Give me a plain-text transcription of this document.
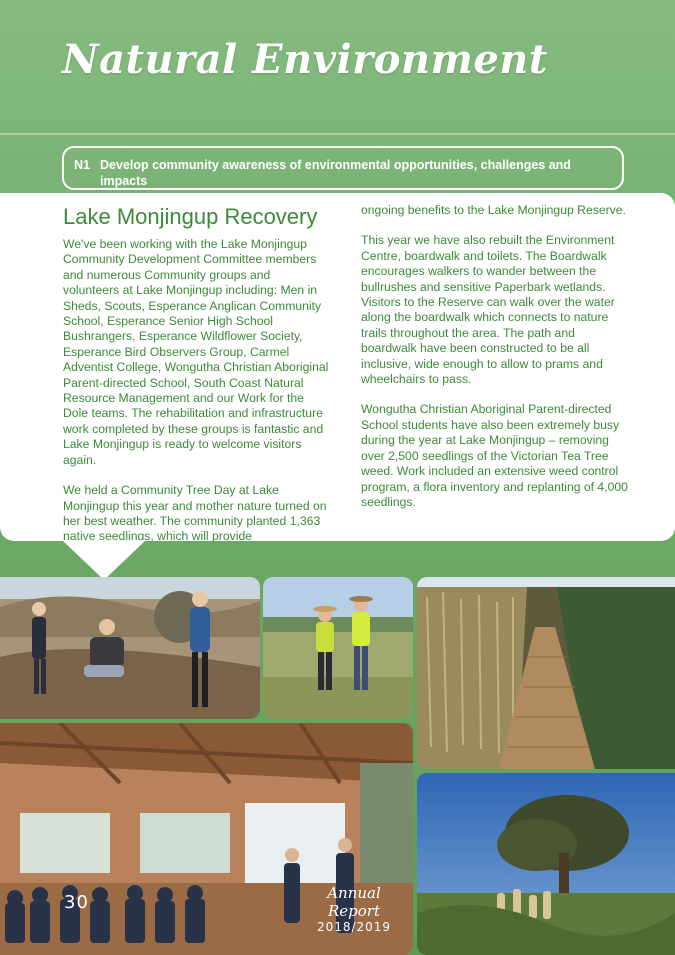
Natural Environment
N1 Develop community awareness of environmental opportunities, challenges and impacts
Lake Monjingup Recovery

We've been working with the Lake Monjingup Community Development Committee members and numerous Community groups and volunteers at Lake Monjingup including: Men in Sheds, Scouts, Esperance Anglican Community School, Esperance Senior High School Bushrangers, Esperance Wildflower Society, Esperance Bird Observers Group, Carmel Adventist College, Wongutha Christian Aboriginal Parent-directed School, South Coast Natural Resource Management and our Work for the Dole teams. The rehabilitation and infrastructure work completed by these groups is fantastic and Lake Monjingup is ready to welcome visitors again.

We held a Community Tree Day at Lake Monjingup this year and mother nature turned on her best weather. The community planted 1,363 native seedlings, which will provide

ongoing benefits to the Lake Monjingup Reserve.

This year we have also rebuilt the Environment Centre, boardwalk and toilets. The Boardwalk encourages walkers to wander between the bullrushes and sensitive Paperbark wetlands. Visitors to the Reserve can walk over the water along the boardwalk which connects to nature trails throughout the area. The path and boardwalk have been constructed to be all inclusive, wide enough to allow to prams and wheelchairs to pass.

Wongutha Christian Aboriginal Parent-directed School students have also been extremely busy during the year at Lake Monjingup – removing over 2,500 seedlings of the Victorian Tea Tree weed. Work included an extensive weed control program, a flora inventory and replanting of 4,000 seedlings.

30	Annual Report
2018/2019
